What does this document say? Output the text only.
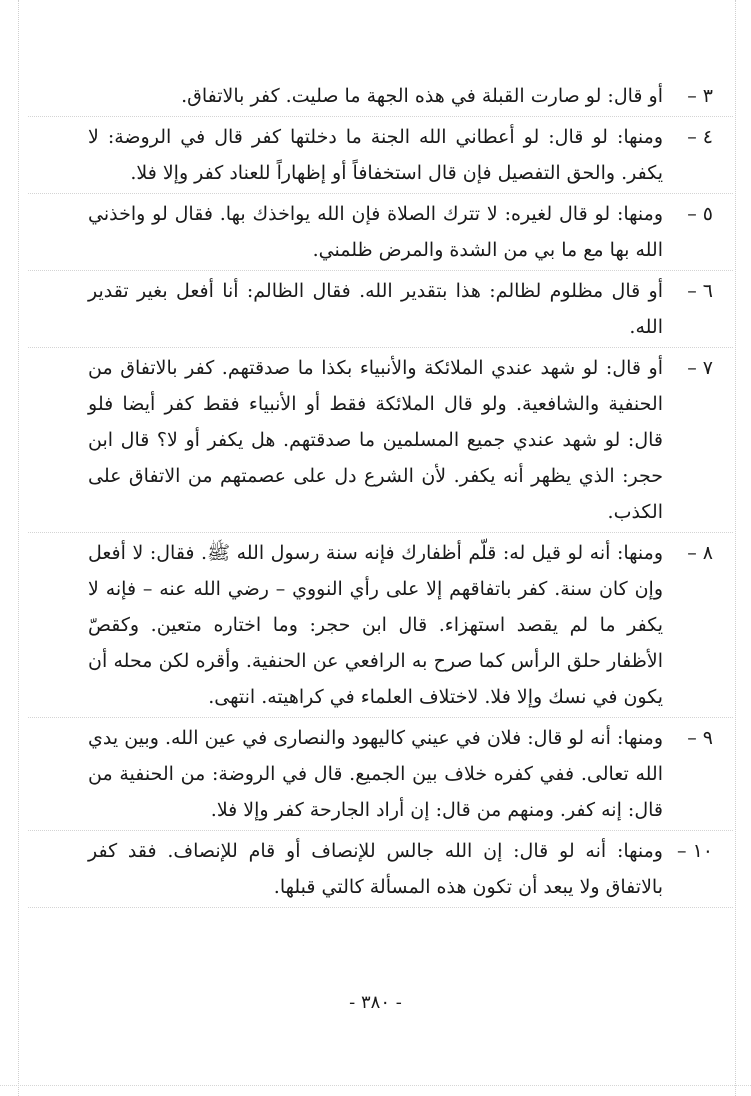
٣ –
أو قال: لو صارت القبلة في هذه الجهة ما صليت. كفر بالاتفاق.
٤ –
ومنها: لو قال: لو أعطاني الله الجنة ما دخلتها كفر قال في الروضة: لا يكفر. والحق التفصيل فإن قال استخفافاً أو إظهاراً للعناد كفر وإلا فلا.
٥ –
ومنها: لو قال لغيره: لا تترك الصلاة فإن الله يواخذك بها. فقال لو واخذني الله بها مع ما بي من الشدة والمرض ظلمني.
٦ –
أو قال مظلوم لظالم: هذا بتقدير الله. فقال الظالم: أنا أفعل بغير تقدير الله.
٧ –
أو قال: لو شهد عندي الملائكة والأنبياء بكذا ما صدقتهم. كفر بالاتفاق من الحنفية والشافعية. ولو قال الملائكة فقط أو الأنبياء فقط كفر أيضا فلو قال: لو شهد عندي جميع المسلمين ما صدقتهم. هل يكفر أو لا؟ قال ابن حجر: الذي يظهر أنه يكفر. لأن الشرع دل على عصمتهم من الاتفاق على الكذب.
٨ –
ومنها: أنه لو قيل له: قلّم أظفارك فإنه سنة رسول الله ﷺ. فقال: لا أفعل وإن كان سنة. كفر باتفاقهم إلا على رأي النووي – رضي الله عنه – فإنه لا يكفر ما لم يقصد استهزاء. قال ابن حجر: وما اختاره متعين. وكقصّ الأظفار حلق الرأس كما صرح به الرافعي عن الحنفية. وأقره لكن محله أن يكون في نسك وإلا فلا. لاختلاف العلماء في كراهيته. انتهى.
٩ –
ومنها: أنه لو قال: فلان في عيني كاليهود والنصارى في عين الله. وبين يدي الله تعالى. ففي كفره خلاف بين الجميع. قال في الروضة: من الحنفية من قال: إنه كفر. ومنهم من قال: إن أراد الجارحة كفر وإلا فلا.
١٠ –
ومنها: أنه لو قال: إن الله جالس للإنصاف أو قام للإنصاف. فقد كفر بالاتفاق ولا يبعد أن تكون هذه المسألة كالتي قبلها.
- ٣٨٠ -
